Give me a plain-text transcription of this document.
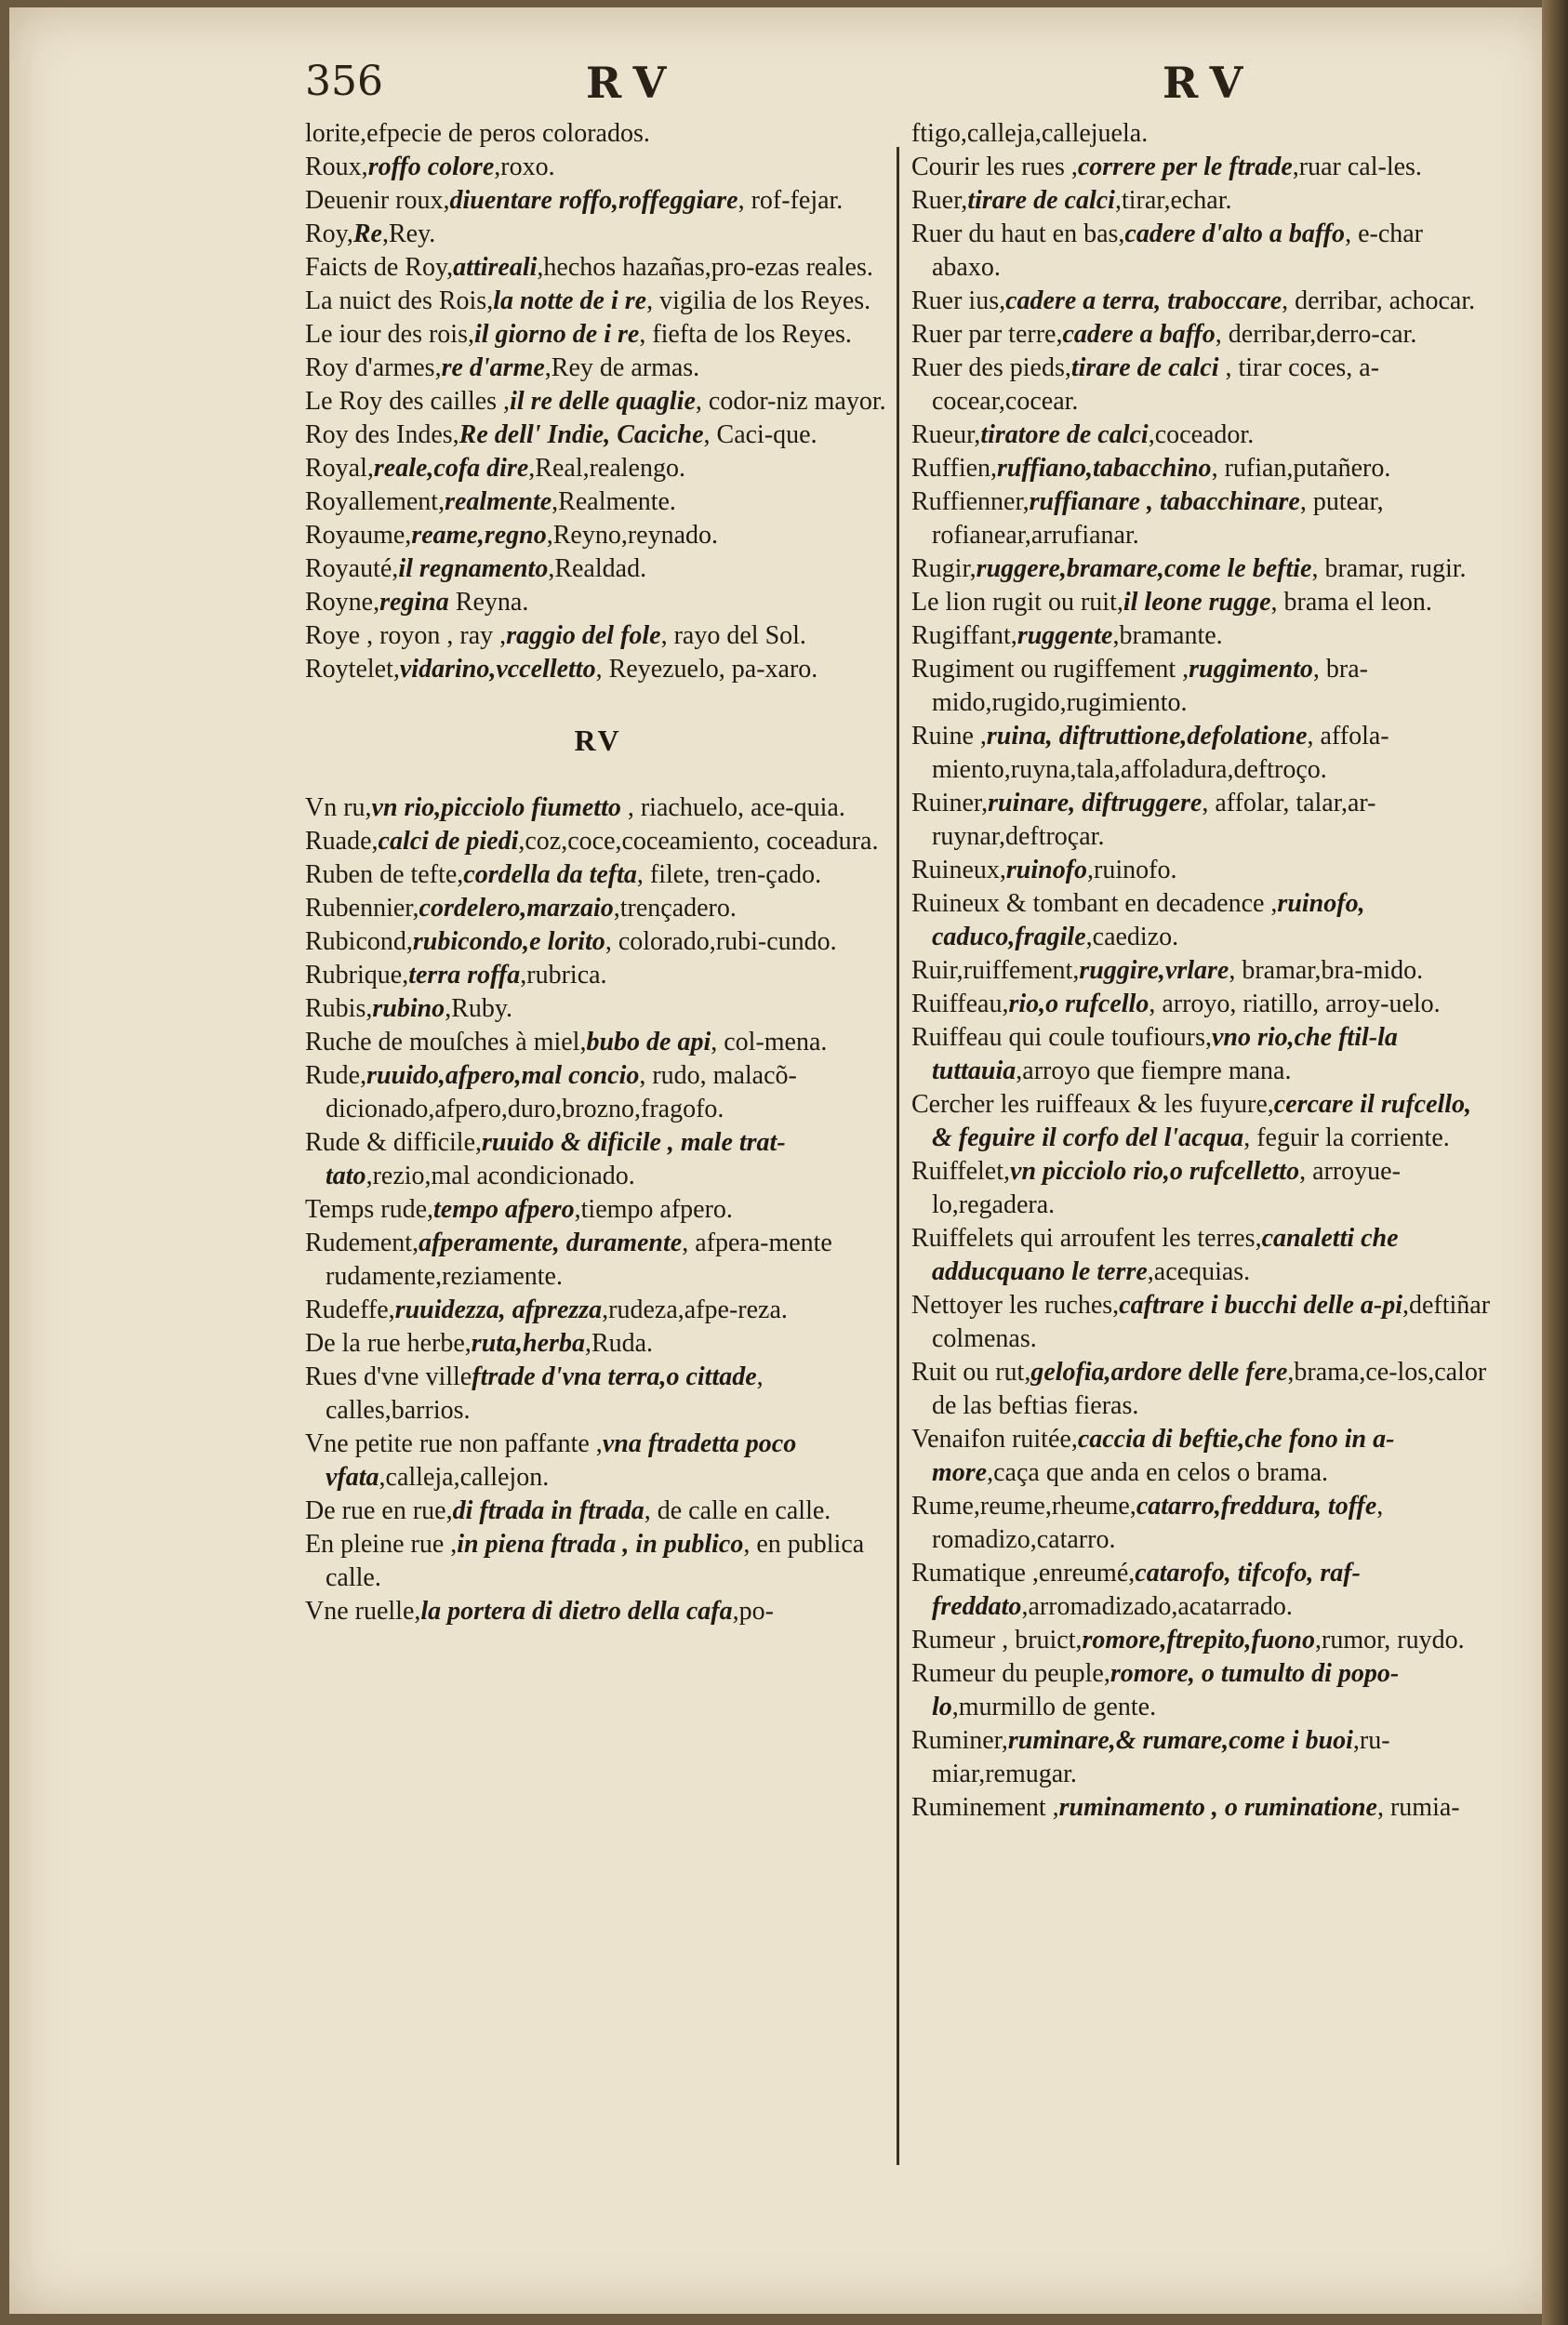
356	RV	RV

lorite,efpecie de peros colorados.

Roux,roffo colore,roxo.

Deuenir roux,diuentare roffo,roffeggiare, rof-fejar.

Roy,Re,Rey.

Faicts de Roy,attireali,hechos hazañas,pro-ezas reales.

La nuict des Rois,la notte de i re, vigilia de los Reyes.

Le iour des rois,il giorno de i re, fiefta de los Reyes.

Roy d'armes,re d'arme,Rey de armas.

Le Roy des cailles ,il re delle quaglie, codor-niz mayor.

Roy des Indes,Re dell' Indie, Caciche, Caci-que.

Royal,reale,cofa dire,Real,realengo.

Royallement,realmente,Realmente.

Royaume,reame,regno,Reyno,reynado.

Royauté,il regnamento,Realdad.

Royne,regina Reyna.

Roye , royon , ray ,raggio del fole, rayo del Sol.

Roytelet,vidarino,vccelletto, Reyezuelo, pa-xaro.

RV

Vn ru,vn rio,picciolo fiumetto , riachuelo, ace-quia.

Ruade,calci de piedi,coz,coce,coceamiento, coceadura.

Ruben de tefte,cordella da tefta, filete, tren-çado.

Rubennier,cordelero,marzaio,trençadero.

Rubicond,rubicondo,e lorito, colorado,rubi-cundo.

Rubrique,terra roffa,rubrica.

Rubis,rubino,Ruby.

Ruche de mouſches à miel,bubo de api, col-mena.

Rude,ruuido,afpero,mal concio, rudo, malacõ-dicionado,afpero,duro,brozno,fragofo.

Rude & difficile,ruuido & dificile , male trat-tato,rezio,mal acondicionado.

Temps rude,tempo afpero,tiempo afpero.

Rudement,afperamente, duramente, afpera-mente rudamente,reziamente.

Rudeffe,ruuidezza, afprezza,rudeza,afpe-reza.

De la rue herbe,ruta,herba,Ruda.

Rues d'vne villeftrade d'vna terra,o cittade, calles,barrios.

Vne petite rue non paffante ,vna ftradetta poco vfata,calleja,callejon.

De rue en rue,di ftrada in ftrada, de calle en calle.

En pleine rue ,in piena ftrada , in publico, en publica calle.

Vne ruelle,la portera di dietro della cafa,po-

ftigo,calleja,callejuela.

Courir les rues ,correre per le ftrade,ruar cal-les.

Ruer,tirare de calci,tirar,echar.

Ruer du haut en bas,cadere d'alto a baffo, e-char abaxo.

Ruer ius,cadere a terra, traboccare, derribar, achocar.

Ruer par terre,cadere a baffo, derribar,derro-car.

Ruer des pieds,tirare de calci , tirar coces, a-cocear,cocear.

Rueur,tiratore de calci,coceador.

Ruffien,ruffiano,tabacchino, rufian,putañero.

Ruffienner,ruffianare , tabacchinare, putear, rofianear,arrufianar.

Rugir,ruggere,bramare,come le beftie, bramar, rugir.

Le lion rugit ou ruit,il leone rugge, brama el leon.

Rugiffant,ruggente,bramante.

Rugiment ou rugiffement ,ruggimento, bra-mido,rugido,rugimiento.

Ruine ,ruina, diftruttione,defolatione, affola-miento,ruyna,tala,affoladura,deftroço.

Ruiner,ruinare, diftruggere, affolar, talar,ar-ruynar,deftroçar.

Ruineux,ruinofo,ruinofo.

Ruineux & tombant en decadence ,ruinofo, caduco,fragile,caedizo.

Ruir,ruiffement,ruggire,vrlare, bramar,bra-mido.

Ruiffeau,rio,o rufcello, arroyo, riatillo, arroy-uelo.

Ruiffeau qui coule toufiours,vno rio,che ftil-la tuttauia,arroyo que fiempre mana.

Cercher les ruiffeaux & les fuyure,cercare il rufcello, & feguire il corfo del l'acqua, feguir la corriente.

Ruiffelet,vn picciolo rio,o rufcelletto, arroyue-lo,regadera.

Ruiffelets qui arroufent les terres,canaletti che adducquano le terre,acequias.

Nettoyer les ruches,caftrare i bucchi delle a-pi,deftiñar colmenas.

Ruit ou rut,gelofia,ardore delle fere,brama,ce-los,calor de las beftias fieras.

Venaifon ruitée,caccia di beftie,che fono in a-more,caça que anda en celos o brama.

Rume,reume,rheume,catarro,freddura, toffe, romadizo,catarro.

Rumatique ,enreumé,catarofo, tifcofo, raf-freddato,arromadizado,acatarrado.

Rumeur , bruict,romore,ftrepito,fuono,rumor, ruydo.

Rumeur du peuple,romore, o tumulto di popo-lo,murmillo de gente.

Ruminer,ruminare,& rumare,come i buoi,ru-miar,remugar.

Ruminement ,ruminamento , o ruminatione, rumia-
